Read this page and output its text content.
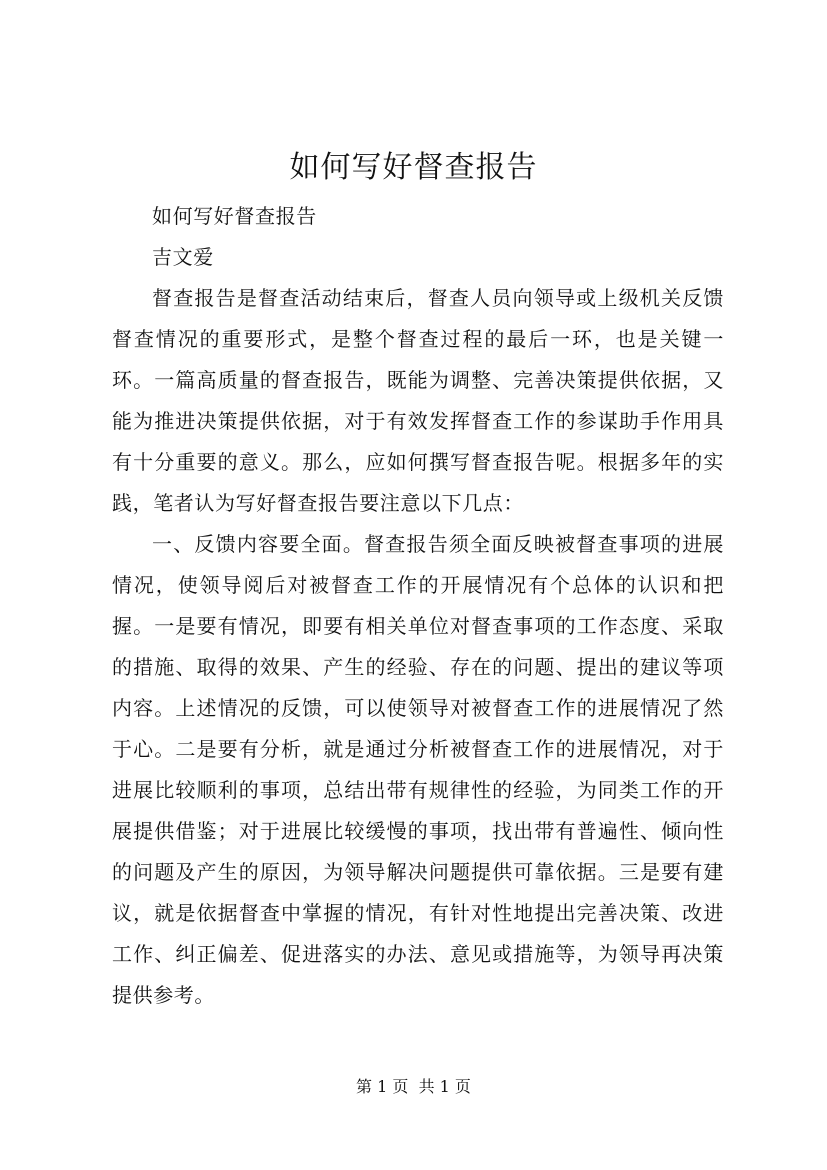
如何写好督查报告

如何写好督查报告

吉文爱

督查报告是督查活动结束后，督查人员向领导或上级机关反馈督查情况的重要形式，是整个督查过程的最后一环，也是关键一环。一篇高质量的督查报告，既能为调整、完善决策提供依据，又能为推进决策提供依据，对于有效发挥督查工作的参谋助手作用具有十分重要的意义。那么，应如何撰写督查报告呢。根据多年的实践，笔者认为写好督查报告要注意以下几点：

一、反馈内容要全面。督查报告须全面反映被督查事项的进展情况，使领导阅后对被督查工作的开展情况有个总体的认识和把握。一是要有情况，即要有相关单位对督查事项的工作态度、采取的措施、取得的效果、产生的经验、存在的问题、提出的建议等项内容。上述情况的反馈，可以使领导对被督查工作的进展情况了然于心。二是要有分析，就是通过分析被督查工作的进展情况，对于进展比较顺利的事项，总结出带有规律性的经验，为同类工作的开展提供借鉴；对于进展比较缓慢的事项，找出带有普遍性、倾向性的问题及产生的原因，为领导解决问题提供可靠依据。三是要有建议，就是依据督查中掌握的情况，有针对性地提出完善决策、改进工作、纠正偏差、促进落实的办法、意见或措施等，为领导再决策提供参考。

第 1 页  共 1 页
